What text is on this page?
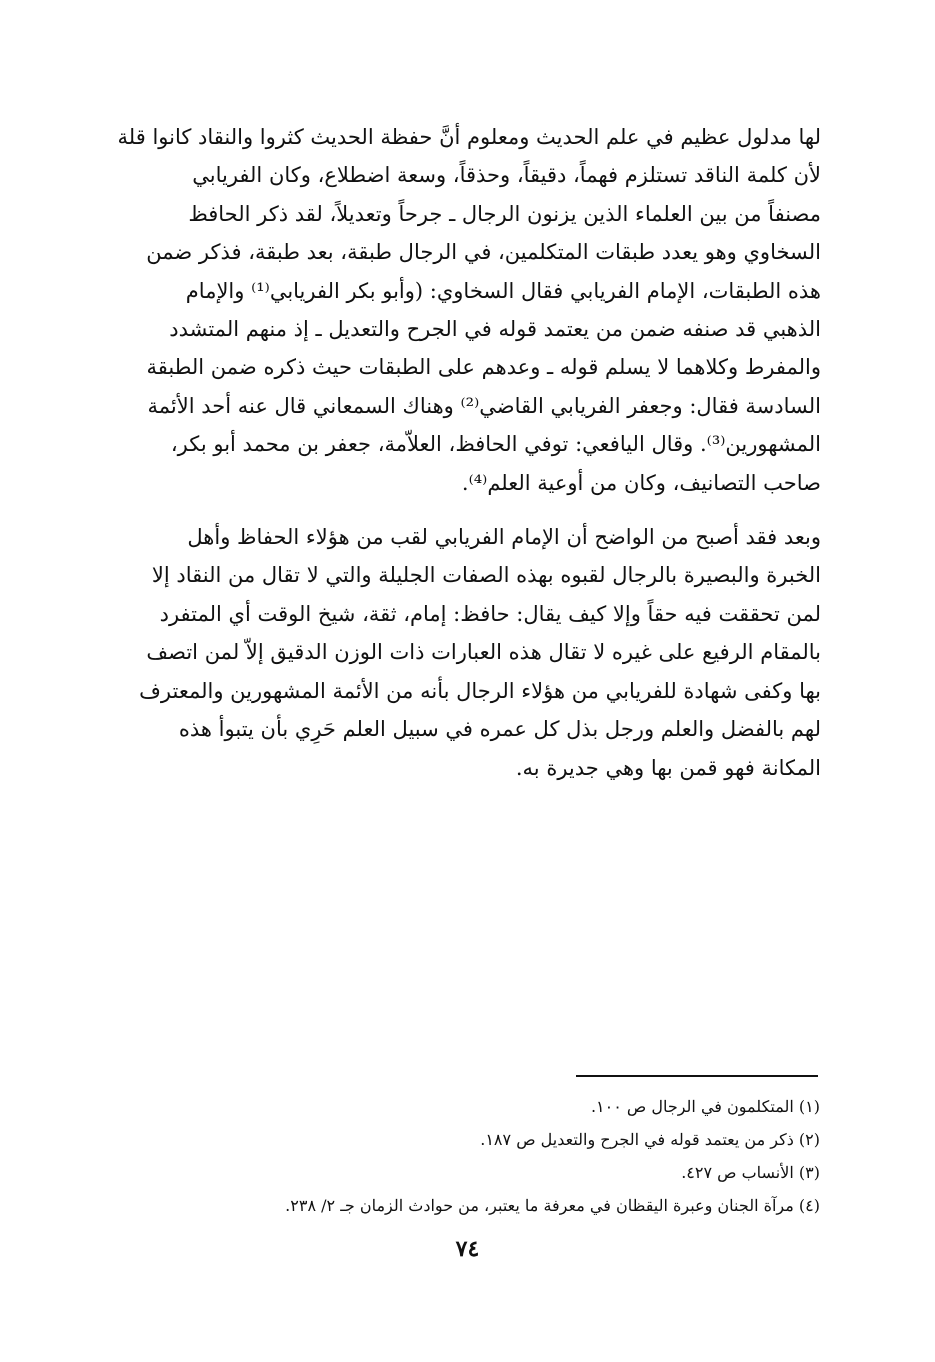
لها مدلول عظيم في علم الحديث ومعلوم أنَّ حفظة الحديث كثروا والنقاد كانوا قلة
لأن كلمة الناقد تستلزم فهماً، دقيقاً، وحذقاً، وسعة اضطلاع، وكان الفريابي
مصنفاً من بين العلماء الذين يزنون الرجال ـ جرحاً وتعديلاً، لقد ذكر الحافظ
السخاوي وهو يعدد طبقات المتكلمين، في الرجال طبقة، بعد طبقة، فذكر ضمن
هذه الطبقات، الإمام الفريابي فقال السخاوي: (وأبو بكر الفريابي⁽¹⁾ والإمام
الذهبي قد صنفه ضمن من يعتمد قوله في الجرح والتعديل ـ إذ منهم المتشدد
والمفرط وكلاهما لا يسلم قوله ـ وعدهم على الطبقات حيث ذكره ضمن الطبقة
السادسة فقال: وجعفر الفريابي القاضي⁽²⁾ وهناك السمعاني قال عنه أحد الأئمة
المشهورين⁽³⁾. وقال اليافعي: توفي الحافظ، العلاّمة، جعفر بن محمد أبو بكر،
صاحب التصانيف، وكان من أوعية العلم⁽⁴⁾.

وبعد فقد أصبح من الواضح أن الإمام الفريابي لقب من هؤلاء الحفاظ وأهل
الخبرة والبصيرة بالرجال لقبوه بهذه الصفات الجليلة والتي لا تقال من النقاد إلا
لمن تحققت فيه حقاً وإلا كيف يقال: حافظ: إمام، ثقة، شيخ الوقت أي المتفرد
بالمقام الرفيع على غيره لا تقال هذه العبارات ذات الوزن الدقيق إلاّ لمن اتصف
بها وكفى شهادة للفريابي من هؤلاء الرجال بأنه من الأئمة المشهورين والمعترف
لهم بالفضل والعلم ورجل بذل كل عمره في سبيل العلم حَرِي بأن يتبوأ هذه
المكانة فهو قمن بها وهي جديرة به.

(١) المتكلمون في الرجال ص ١٠٠.

(٢) ذكر من يعتمد قوله في الجرح والتعديل ص ١٨٧.

(٣) الأنساب ص ٤٢٧.

(٤) مرآة الجنان وعبرة اليقظان في معرفة ما يعتبر، من حوادث الزمان جـ ٢/ ٢٣٨.

٧٤
